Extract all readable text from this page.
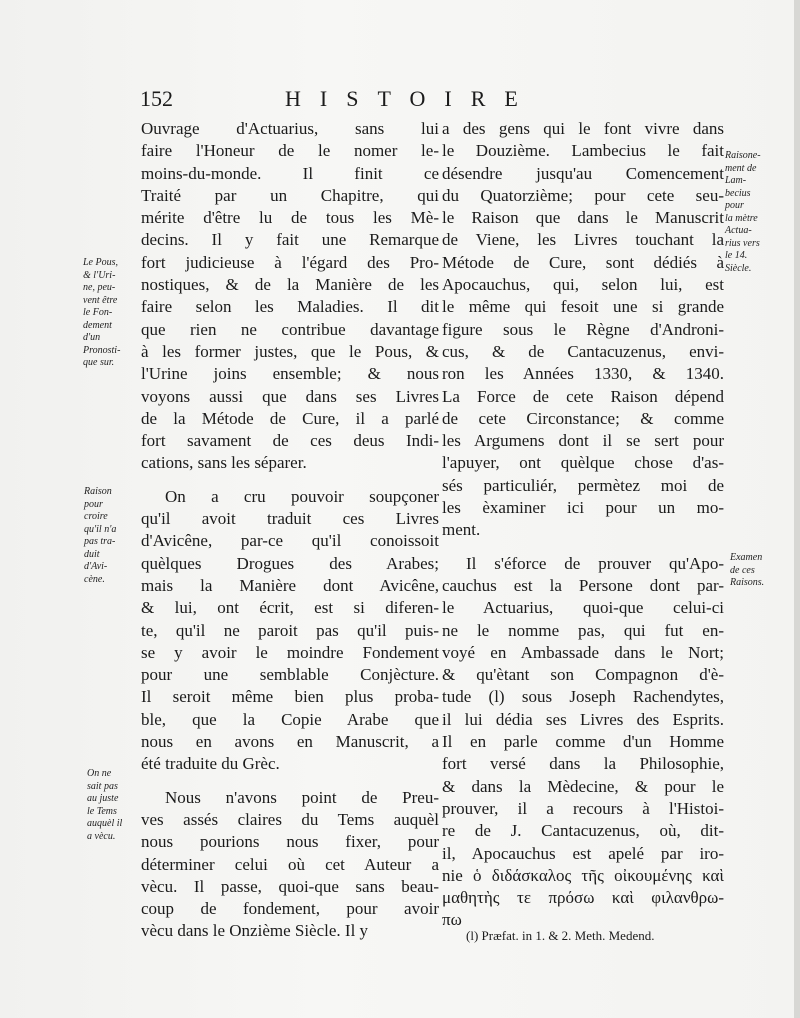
152	HISTOIRE
Ouvrage d'Actuarius, sans lui
faire l'Honeur de le nomer le-
moins-du-monde. Il finit ce
Traité par un Chapitre, qui
mérite d'être lu de tous les Mè-
decins. Il y fait une Remarque
fort judicieuse à l'égard des Pro-
nostiques, & de la Manière de les
faire selon les Maladies. Il dit
que rien ne contribue davantage
à les former justes, que le Pous, &
l'Urine joins ensemble; & nous
voyons aussi que dans ses Livres
de la Métode de Cure, il a parlé
fort savament de ces deus Indi-
cations, sans les séparer.
On a cru pouvoir soupçoner
qu'il avoit traduit ces Livres
d'Avicêne, par-ce qu'il conoissoit
quèlques Drogues des Arabes;
mais la Manière dont Avicêne,
& lui, ont écrit, est si diferen-
te, qu'il ne paroit pas qu'il puis-
se y avoir le moindre Fondement
pour une semblable Conjècture.
Il seroit même bien plus proba-
ble, que la Copie Arabe que
nous en avons en Manuscrit, a
été traduite du Grèc.
Nous n'avons point de Preu-
ves assés claires du Tems auquèl
nous pourions nous fixer, pour
déterminer celui où cet Auteur a
vècu. Il passe, quoi-que sans beau-
coup de fondement, pour avoir
vècu dans le Onzième Siècle. Il y
a des gens qui le font vivre dans
le Douzième. Lambecius le fait
désendre jusqu'au Comencement
du Quatorzième; pour cete seu-
le Raison que dans le Manuscrit
de Viene, les Livres touchant la
Métode de Cure, sont dédiés à
Apocauchus, qui, selon lui, est
le même qui fesoit une si grande
figure sous le Règne d'Androni-
cus, & de Cantacuzenus, envi-
ron les Années 1330, & 1340.
La Force de cete Raison dépend
de cete Circonstance; & comme
les Argumens dont il se sert pour
l'apuyer, ont quèlque chose d'as-
sés particuliér, permètez moi de
les èxaminer ici pour un mo-
ment.
Il s'éforce de prouver qu'Apo-
cauchus est la Persone dont par-
le Actuarius, quoi-que celui-ci
ne le nomme pas, qui fut en-
voyé en Ambassade dans le Nort;
& qu'ètant son Compagnon d'è-
tude (l) sous Joseph Rachendytes,
il lui dédia ses Livres des Esprits.
Il en parle comme d'un Homme
fort versé dans la Philosophie,
& dans la Mèdecine, & pour le
prouver, il a recours à l'Histoi-
re de J. Cantacuzenus, où, dit-
il, Apocauchus est apelé par iro-
nie ὁ διδάσκαλος τῆς οἰκουμένης καὶ
μαθητὴς τε πρόσω καὶ φιλανθρω-
πω
Le Pous,
& l'Uri-
ne, peu-
vent être
le Fon-
dement
d'un
Pronosti-
que sur.
Raison
pour
croire
qu'il n'a
pas tra-
duit
d'Avi-
cène.
On ne
sait pas
au juste
le Tems
auquèl il
a vècu.
Raisone-
ment de
Lam-
becius
pour
la mètre
Actua-
rius vers
le 14.
Siècle.
Examen
de ces
Raisons.
(l) Præfat. in 1. & 2. Meth. Medend.
